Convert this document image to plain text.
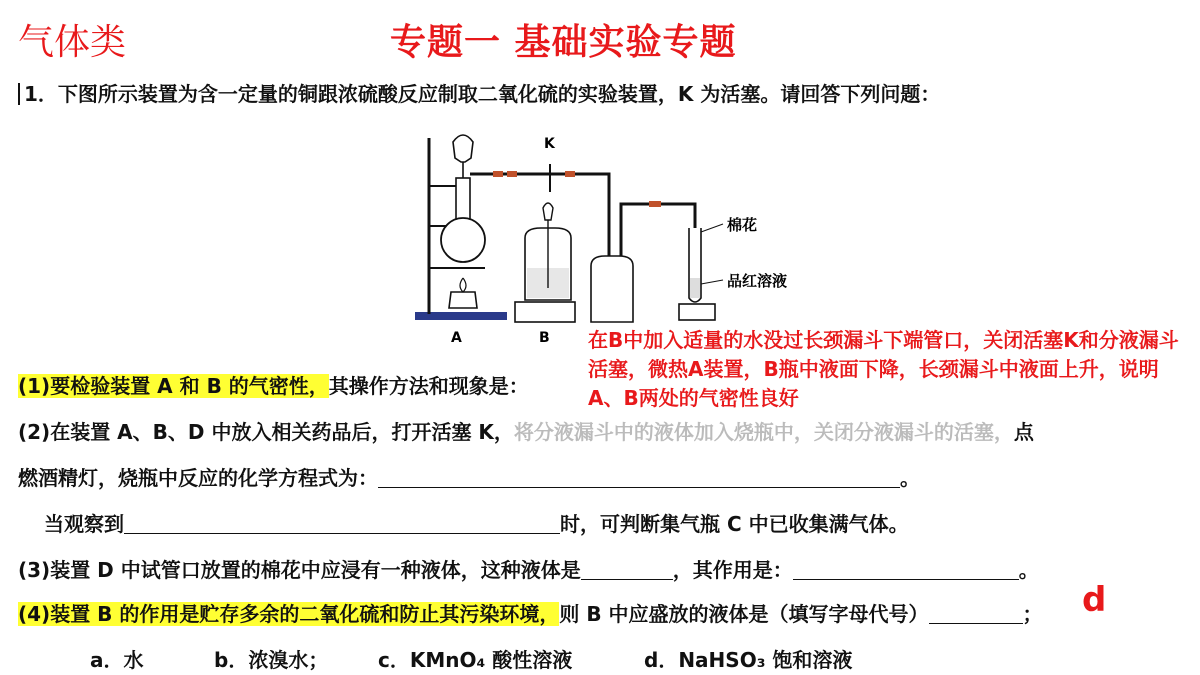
气体类	专题一 基础实验专题
1．下图所示装置为含一定量的铜跟浓硫酸反应制取二氧化硫的实验装置，K 为活塞。请回答下列问题：
K
棉花
品红溶液
A	B
(1)要检验装置 A 和 B 的气密性，其操作方法和现象是：
(2)在装置 A、B、D 中放入相关药品后，打开活塞 K，将分液漏斗中的液体加入烧瓶中，关闭分液漏斗的活塞，点
燃酒精灯，烧瓶中反应的化学方程式为：	。
当观察到	时，可判断集气瓶 C 中已收集满气体。
(3)装置 D 中试管口放置的棉花中应浸有一种液体，这种液体是	，其作用是：	。
(4)装置 B 的作用是贮存多余的二氧化硫和防止其污染环境，则 B 中应盛放的液体是（填写字母代号）	； d
a．水	b．浓溴水； c．KMnO₄ 酸性溶液	d．NaHSO₃ 饱和溶液
在B中加入适量的水没过长颈漏斗下端管口，关闭活塞K和分液漏斗活塞，微热A装置，B瓶中液面下降，长颈漏斗中液面上升，说明A、B两处的气密性良好
